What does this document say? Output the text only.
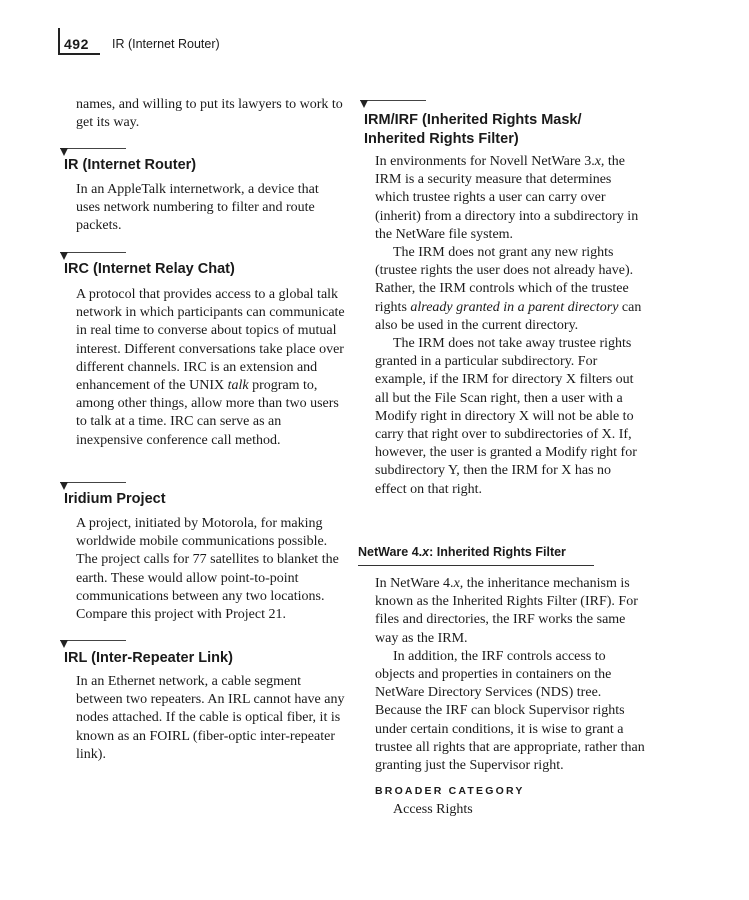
492 IR (Internet Router)
names, and willing to put its lawyers to work to get its way.
IR (Internet Router)
In an AppleTalk internetwork, a device that uses network numbering to filter and route packets.
IRC (Internet Relay Chat)
A protocol that provides access to a global talk network in which participants can communicate in real time to converse about topics of mutual interest. Different conversations take place over different channels. IRC is an extension and enhancement of the UNIX talk program to, among other things, allow more than two users to talk at a time. IRC can serve as an inexpensive conference call method.
Iridium Project
A project, initiated by Motorola, for making worldwide mobile communications possible. The project calls for 77 satellites to blanket the earth. These would allow point-to-point communications between any two locations. Compare this project with Project 21.
IRL (Inter-Repeater Link)
In an Ethernet network, a cable segment between two repeaters. An IRL cannot have any nodes attached. If the cable is optical fiber, it is known as an FOIRL (fiber-optic inter-repeater link).
IRM/IRF (Inherited Rights Mask/
Inherited Rights Filter)

In environments for Novell NetWare 3.x, the IRM is a security measure that determines which trustee rights a user can carry over (inherit) from a directory into a subdirectory in the NetWare file system.

The IRM does not grant any new rights (trustee rights the user does not already have). Rather, the IRM controls which of the trustee rights already granted in a parent directory can also be used in the current directory.

The IRM does not take away trustee rights granted in a particular subdirectory. For example, if the IRM for directory X filters out all but the File Scan right, then a user with a Modify right in directory X will not be able to carry that right over to subdirectories of X. If, however, the user is granted a Modify right for subdirectory Y, then the IRM for X has no effect on that right.

NetWare 4.x: Inherited Rights Filter

In NetWare 4.x, the inheritance mechanism is known as the Inherited Rights Filter (IRF). For files and directories, the IRF works the same way as the IRM.

In addition, the IRF controls access to objects and properties in containers on the NetWare Directory Services (NDS) tree. Because the IRF can block Supervisor rights under certain conditions, it is wise to grant a trustee all rights that are appropriate, rather than granting just the Supervisor right.

BROADER CATEGORY
Access Rights
